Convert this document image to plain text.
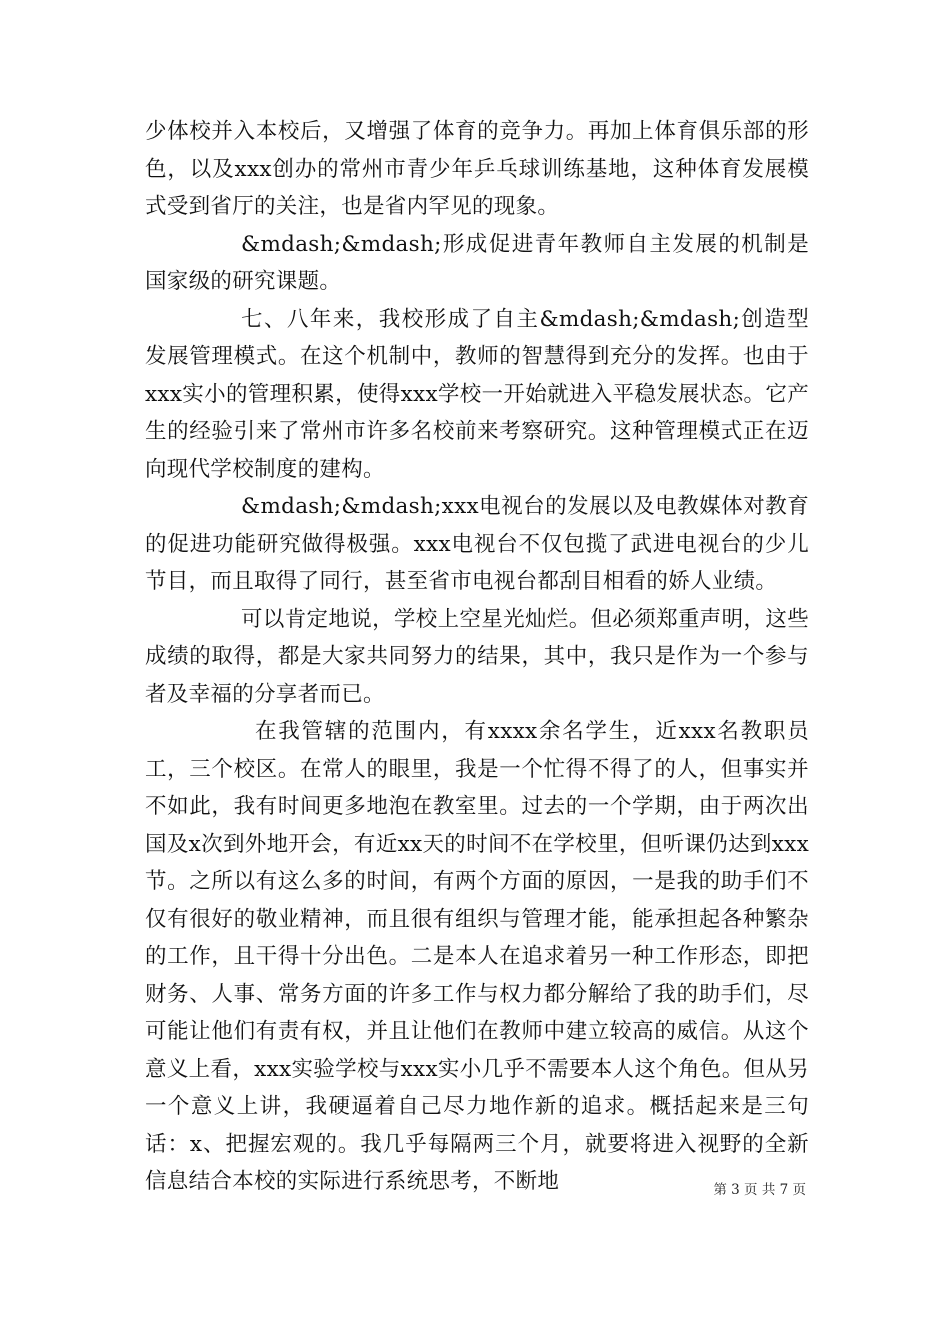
少体校并入本校后，又增强了体育的竞争力。再加上体育俱乐部的形色，以及xxx创办的常州市青少年乒乓球训练基地，这种体育发展模式受到省厅的关注，也是省内罕见的现象。

&mdash;&mdash;形成促进青年教师自主发展的机制是国家级的研究课题。

七、八年来，我校形成了自主&mdash;&mdash;创造型发展管理模式。在这个机制中，教师的智慧得到充分的发挥。也由于xxx实小的管理积累，使得xxx学校一开始就进入平稳发展状态。它产生的经验引来了常州市许多名校前来考察研究。这种管理模式正在迈向现代学校制度的建构。

&mdash;&mdash;xxx电视台的发展以及电教媒体对教育的促进功能研究做得极强。xxx电视台不仅包揽了武进电视台的少儿节目，而且取得了同行，甚至省市电视台都刮目相看的娇人业绩。

可以肯定地说，学校上空星光灿烂。但必须郑重声明，这些成绩的取得，都是大家共同努力的结果，其中，我只是作为一个参与者及幸福的分享者而已。

在我管辖的范围内，有xxxx余名学生，近xxx名教职员工，三个校区。在常人的眼里，我是一个忙得不得了的人，但事实并不如此，我有时间更多地泡在教室里。过去的一个学期，由于两次出国及x次到外地开会，有近xx天的时间不在学校里，但听课仍达到xxx节。之所以有这么多的时间，有两个方面的原因，一是我的助手们不仅有很好的敬业精神，而且很有组织与管理才能，能承担起各种繁杂的工作，且干得十分出色。二是本人在追求着另一种工作形态，即把财务、人事、常务方面的许多工作与权力都分解给了我的助手们，尽可能让他们有责有权，并且让他们在教师中建立较高的威信。从这个意义上看，xxx实验学校与xxx实小几乎不需要本人这个角色。但从另一个意义上讲，我硬逼着自己尽力地作新的追求。概括起来是三句话：x、把握宏观的。我几乎每隔两三个月，就要将进入视野的全新信息结合本校的实际进行系统思考，不断地	第 3 页 共 7 页
